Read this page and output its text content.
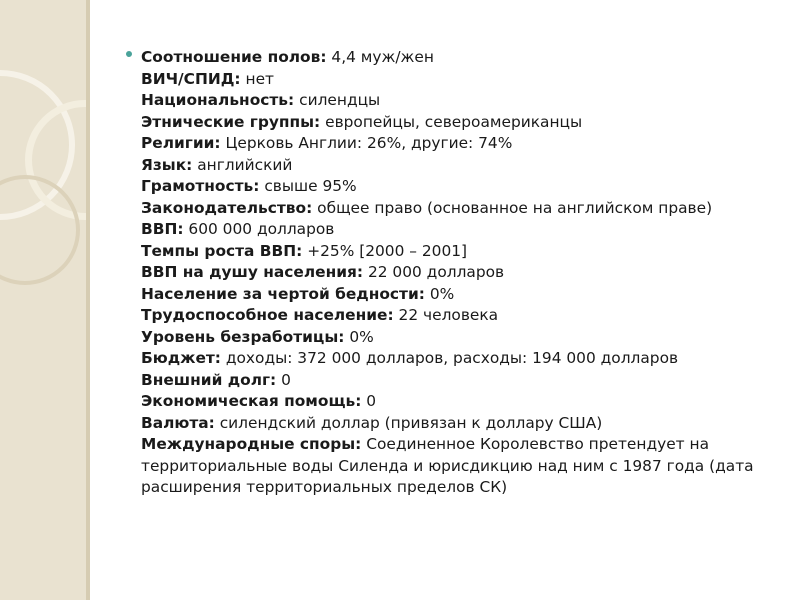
Соотношение полов: 4,4 муж/жен
ВИЧ/СПИД: нет
Национальность: силендцы
Этнические группы: европейцы, североамериканцы
Религии: Церковь Англии: 26%, другие: 74%
Язык: английский
Грамотность: свыше 95%
Законодательство: общее право (основанное на английском праве)
ВВП: 600 000 долларов
Темпы роста ВВП: +25% [2000 – 2001]
ВВП на душу населения: 22 000 долларов
Население за чертой бедности: 0%
Трудоспособное население: 22 человека
Уровень безработицы: 0%
Бюджет: доходы: 372 000 долларов, расходы: 194 000 долларов
Внешний долг: 0
Экономическая помощь: 0
Валюта: силендский доллар (привязан к доллару США)
Международные споры: Соединенное Королевство претендует на территориальные воды Силенда и юрисдикцию над ним с 1987 года (дата расширения территориальных пределов СК)
